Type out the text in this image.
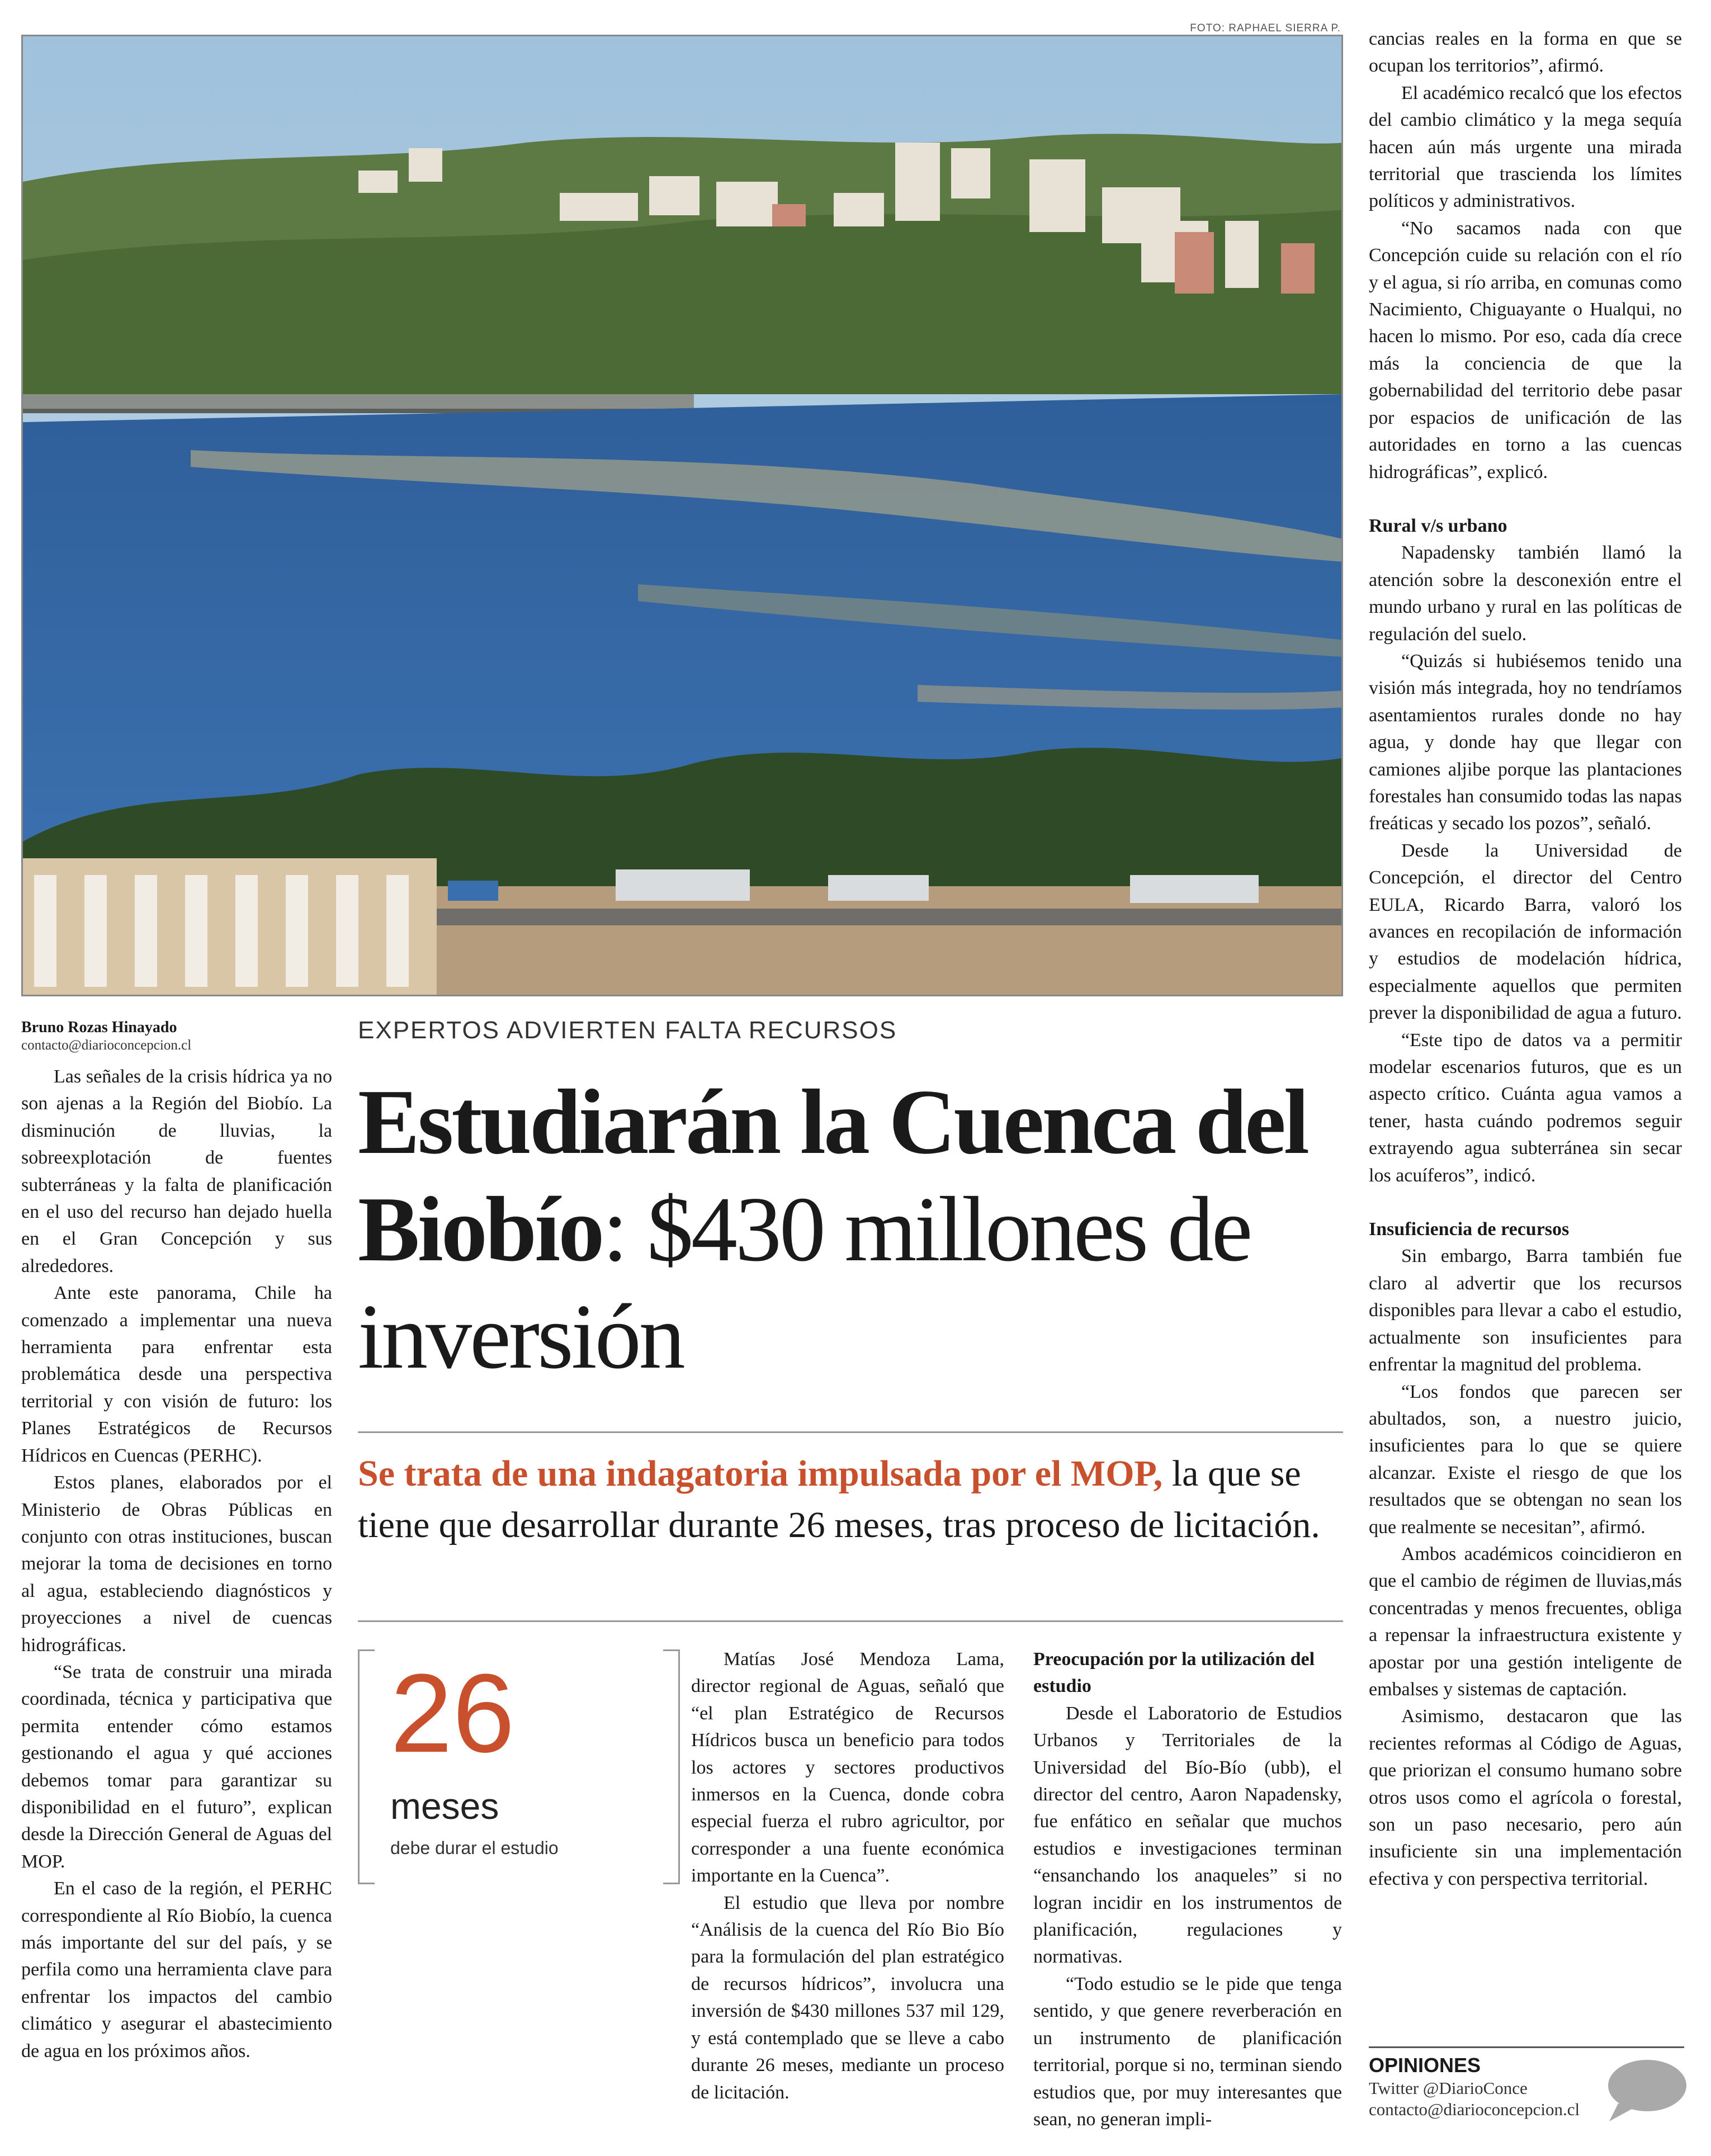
FOTO: RAPHAEL SIERRA P.
Bruno Rozas Hinayado
contacto@diarioconcepcion.cl
EXPERTOS ADVIERTEN FALTA RECURSOS
Estudiarán la Cuenca del Biobío: $430 millones de inversión
Se trata de una indagatoria impulsada por el MOP, la que se tiene que desarrollar durante 26 meses, tras proceso de licitación.
26
meses
debe durar el estudio

Las señales de la crisis hídrica ya no son ajenas a la Región del Biobío. La disminución de lluvias, la sobreexplotación de fuentes subterráneas y la falta de planificación en el uso del recurso han dejado huella en el Gran Concepción y sus alrededores.

Ante este panorama, Chile ha comenzado a implementar una nueva herramienta para enfrentar esta problemática desde una perspectiva territorial y con visión de futuro: los Planes Estratégicos de Recursos Hídricos en Cuencas (PERHC).

Estos planes, elaborados por el Ministerio de Obras Públicas en conjunto con otras instituciones, buscan mejorar la toma de decisiones en torno al agua, estableciendo diagnósticos y proyecciones a nivel de cuencas hidrográficas.

“Se trata de construir una mirada coordinada, técnica y participativa que permita entender cómo estamos gestionando el agua y qué acciones debemos tomar para garantizar su disponibilidad en el futuro”, explican desde la Dirección General de Aguas del MOP.

En el caso de la región, el PERHC correspondiente al Río Biobío, la cuenca más importante del sur del país, y se perfila como una herramienta clave para enfrentar los impactos del cambio climático y asegurar el abastecimiento de agua en los próximos años.

Matías José Mendoza Lama, director regional de Aguas, señaló que “el plan Estratégico de Recursos Hídricos busca un beneficio para todos los actores y sectores productivos inmersos en la Cuenca, donde cobra especial fuerza el rubro agricultor, por corresponder a una fuente económica importante en la Cuenca”.

El estudio que lleva por nombre “Análisis de la cuenca del Río Bio Bío para la formulación del plan estratégico de recursos hídricos”, involucra una inversión de $430 millones 537 mil 129, y está contemplado que se lleve a cabo durante 26 meses, mediante un proceso de licitación.

Preocupación por la utilización del estudio

Desde el Laboratorio de Estudios Urbanos y Territoriales de la Universidad del Bío-Bío (ubb), el director del centro, Aaron Napadensky, fue enfático en señalar que muchos estudios e investigaciones terminan “ensanchando los anaqueles” si no logran incidir en los instrumentos de planificación, regulaciones y normativas.

“Todo estudio se le pide que tenga sentido, y que genere reverberación en un instrumento de planificación territorial, porque si no, terminan siendo estudios que, por muy interesantes que sean, no generan impli-

cancias reales en la forma en que se ocupan los territorios”, afirmó.

El académico recalcó que los efectos del cambio climático y la mega sequía hacen aún más urgente una mirada territorial que trascienda los límites políticos y administrativos.

“No sacamos nada con que Concepción cuide su relación con el río y el agua, si río arriba, en comunas como Nacimiento, Chiguayante o Hualqui, no hacen lo mismo. Por eso, cada día crece más la conciencia de que la gobernabilidad del territorio debe pasar por espacios de unificación de las autoridades en torno a las cuencas hidrográficas”, explicó.

Rural v/s urbano

Napadensky también llamó la atención sobre la desconexión entre el mundo urbano y rural en las políticas de regulación del suelo.

“Quizás si hubiésemos tenido una visión más integrada, hoy no tendríamos asentamientos rurales donde no hay agua, y donde hay que llegar con camiones aljibe porque las plantaciones forestales han consumido todas las napas freáticas y secado los pozos”, señaló.

Desde la Universidad de Concepción, el director del Centro EULA, Ricardo Barra, valoró los avances en recopilación de información y estudios de modelación hídrica, especialmente aquellos que permiten prever la disponibilidad de agua a futuro.

“Este tipo de datos va a permitir modelar escenarios futuros, que es un aspecto crítico. Cuánta agua vamos a tener, hasta cuándo podremos seguir extrayendo agua subterránea sin secar los acuíferos”, indicó.

Insuficiencia de recursos

Sin embargo, Barra también fue claro al advertir que los recursos disponibles para llevar a cabo el estudio, actualmente son insuficientes para enfrentar la magnitud del problema.

“Los fondos que parecen ser abultados, son, a nuestro juicio, insuficientes para lo que se quiere alcanzar. Existe el riesgo de que los resultados que se obtengan no sean los que realmente se necesitan”, afirmó.

Ambos académicos coincidieron en que el cambio de régimen de lluvias,más concentradas y menos frecuentes, obliga a repensar la infraestructura existente y apostar por una gestión inteligente de embalses y sistemas de captación.

Asimismo, destacaron que las recientes reformas al Código de Aguas, que priorizan el consumo humano sobre otros usos como el agrícola o forestal, son un paso necesario, pero aún insuficiente sin una implementación efectiva y con perspectiva territorial.

OPINIONES
Twitter @DiarioConce
contacto@diarioconcepcion.cl
